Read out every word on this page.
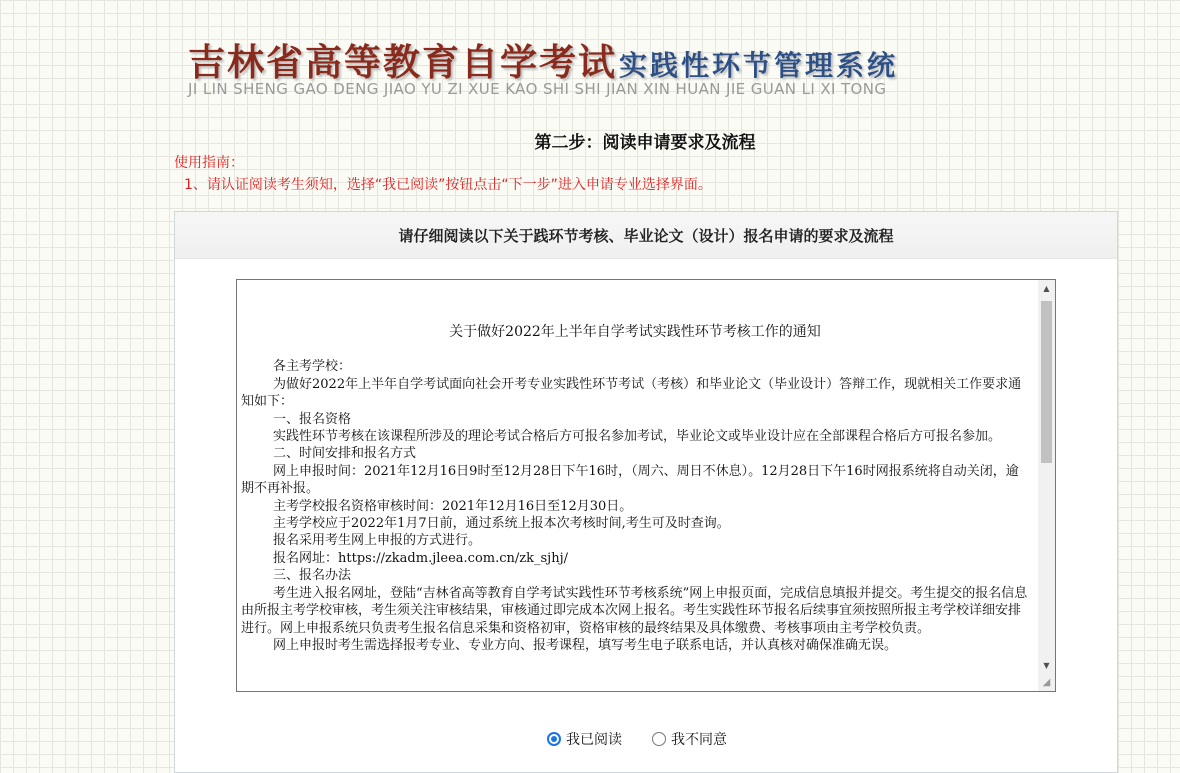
吉林省高等教育自学考试实践性环节管理系统
JI LIN SHENG GAO DENG JIAO YU ZI XUE KAO SHI SHI JIAN XIN HUAN JIE GUAN LI XI TONG
第二步：阅读申请要求及流程
使用指南：
1、请认证阅读考生须知，选择“我已阅读”按钮点击“下一步”进入申请专业选择界面。
请仔细阅读以下关于践环节考核、毕业论文（设计）报名申请的要求及流程
关于做好2022年上半年自学考试实践性环节考核工作的通知

各主考学校：

为做好2022年上半年自学考试面向社会开考专业实践性环节考试（考核）和毕业论文（毕业设计）答辩工作，现就相关工作要求通知如下：

一、报名资格

实践性环节考核在该课程所涉及的理论考试合格后方可报名参加考试，毕业论文或毕业设计应在全部课程合格后方可报名参加。

二、时间安排和报名方式

网上申报时间：2021年12月16日9时至12月28日下午16时，（周六、周日不休息）。12月28日下午16时网报系统将自动关闭，逾期不再补报。

主考学校报名资格审核时间：2021年12月16日至12月30日。

主考学校应于2022年1月7日前，通过系统上报本次考核时间,考生可及时查询。

报名采用考生网上申报的方式进行。

报名网址：https://zkadm.jleea.com.cn/zk_sjhj/

三、报名办法

考生进入报名网址，登陆“吉林省高等教育自学考试实践性环节考核系统”网上申报页面，完成信息填报并提交。考生提交的报名信息由所报主考学校审核，考生须关注审核结果，审核通过即完成本次网上报名。考生实践性环节报名后续事宜须按照所报主考学校详细安排进行。网上申报系统只负责考生报名信息采集和资格初审，资格审核的最终结果及具体缴费、考核事项由主考学校负责。

网上申报时考生需选择报考专业、专业方向、报考课程，填写考生电子联系电话，并认真核对确保准确无误。

▲
▼
◢
我已阅读	我不同意
